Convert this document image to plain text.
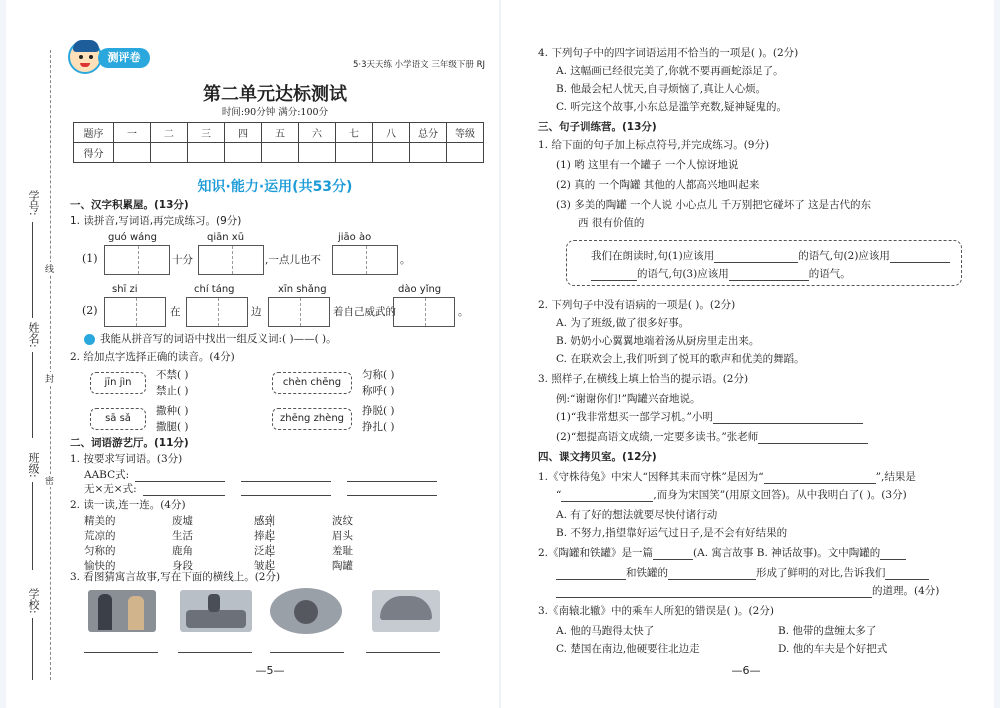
学号:
线
姓名:
封
班级:
密
学校:
测评卷
5·3天天练 小学语文 三年级下册 RJ
第二单元达标测试
时间:90分钟 满分:100分
题序	一	二	三	四	五	六	七	八	总分	等级
得分										
知识·能力·运用(共53分)
一、汉字积累屋。(13分)
1. 读拼音,写词语,再完成练习。(9分)
guó wáng	qiān xū	jiāo ào
(1)	十分	,一点儿也不	。
shī zi	chí táng	xīn shǎng	dào yǐng
(2)	在	边	着自己威武的	。
我能从拼音写的词语中找出一组反义词:( )——( )。
2. 给加点字选择正确的读音。(4分)
jīn jìn
不禁( )
禁止( )
chèn chēng
匀称( )
称呼( )
sā sǎ
撒种( )
撒腿( )
zhēng zhèng
挣脱( )
挣扎( )
二、词语游艺厅。(11分)
1. 按要求写词语。(3分)
AABC式:
无×无×式:
2. 读一读,连一连。(4分)
精美的	废墟	感到	波纹
荒凉的	生活	捧起	眉头
匀称的	鹿角	泛起	羞耻
愉快的	身段	皱起	陶罐
3. 看图猜寓言故事,写在下面的横线上。(2分)
—5—
4. 下列句子中的四字词语运用不恰当的一项是( )。(2分)
A. 这幅画已经很完美了,你就不要再画蛇添足了。
B. 他最会杞人忧天,自寻烦恼了,真让人心烦。
C. 听完这个故事,小东总是滥竽充数,疑神疑鬼的。
三、句子训练营。(13分)
1. 给下面的句子加上标点符号,并完成练习。(9分)
(1) 哟 这里有一个罐子 一个人惊讶地说
(2) 真的 一个陶罐 其他的人都高兴地叫起来
(3) 多美的陶罐 一个人说 小心点儿 千万别把它碰坏了 这是古代的东
西 很有价值的
我们在朗读时,句(1)应该用	的语气,句(2)应该用
的语气,句(3)应该用	的语气。
2. 下列句子中没有语病的一项是( )。(2分)
A. 为了班级,做了很多好事。
B. 奶奶小心翼翼地端着汤从厨房里走出来。
C. 在联欢会上,我们听到了悦耳的歌声和优美的舞蹈。
3. 照样子,在横线上填上恰当的提示语。(2分)
例:“谢谢你们!”陶罐兴奋地说。
(1)“我非常想买一部学习机。”小明
(2)“想提高语文成绩,一定要多读书。”张老师
四、课文拷贝室。(12分)
1.《守株待兔》中宋人“因释其耒而守株”是因为“	”,结果是
“	,而身为宋国笑”(用原文回答)。从中我明白了( )。(3分)
A. 有了好的想法就要尽快付诸行动
B. 不努力,指望靠好运气过日子,是不会有好结果的
2.《陶罐和铁罐》是一篇	(A. 寓言故事 B. 神话故事)。文中陶罐的
和铁罐的	形成了鲜明的对比,告诉我们
的道理。(4分)
3.《南辕北辙》中的乘车人所犯的错误是( )。(2分)
A. 他的马跑得太快了	B. 他带的盘缠太多了
C. 楚国在南边,他硬要往北边走	D. 他的车夫是个好把式
—6—
